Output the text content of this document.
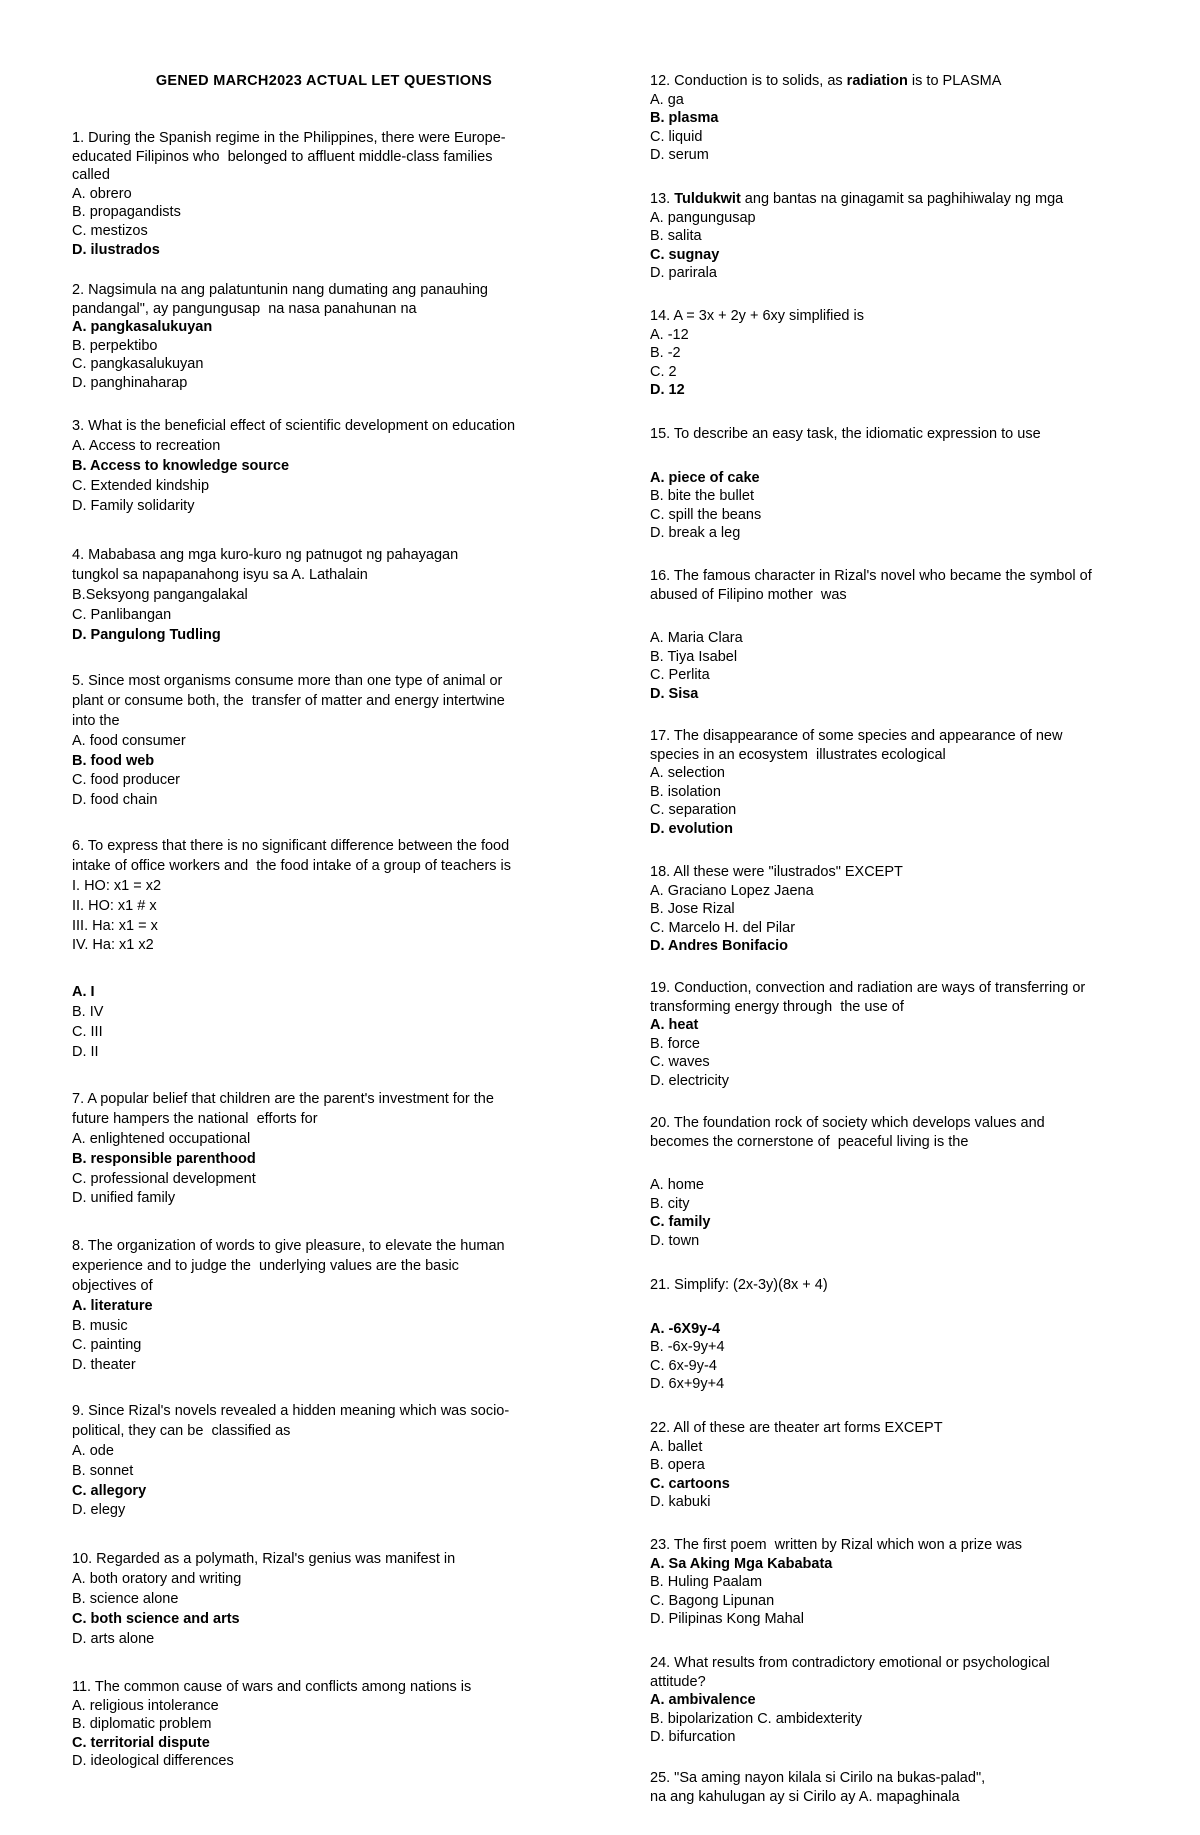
GENED MARCH2023 ACTUAL LET QUESTIONS
1. During the Spanish regime in the Philippines, there were Europe-
educated Filipinos who  belonged to affluent middle-class families
called
A. obrero
B. propagandists
C. mestizos
D. ilustrados
2. Nagsimula na ang palatuntunin nang dumating ang panauhing
pandangal", ay pangungusap  na nasa panahunan na
A. pangkasalukuyan
B. perpektibo
C. pangkasalukuyan
D. panghinaharap
3. What is the beneficial effect of scientific development on education
A. Access to recreation
B. Access to knowledge source
C. Extended kindship
D. Family solidarity
4. Mababasa ang mga kuro-kuro ng patnugot ng pahayagan
tungkol sa napapanahong isyu sa A. Lathalain
B.Seksyong pangangalakal
C. Panlibangan
D. Pangulong Tudling
5. Since most organisms consume more than one type of animal or
plant or consume both, the  transfer of matter and energy intertwine
into the
A. food consumer
B. food web
C. food producer
D. food chain
6. To express that there is no significant difference between the food
intake of office workers and  the food intake of a group of teachers is
I. HO: x1 = x2
II. HO: x1 # x
III. Ha: x1 = x
IV. Ha: x1 x2
A. I
B. IV
C. III
D. II
7. A popular belief that children are the parent's investment for the
future hampers the national  efforts for
A. enlightened occupational
B. responsible parenthood
C. professional development
D. unified family
8. The organization of words to give pleasure, to elevate the human
experience and to judge the  underlying values are the basic
objectives of
A. literature
B. music
C. painting
D. theater
9. Since Rizal's novels revealed a hidden meaning which was socio-
political, they can be  classified as
A. ode
B. sonnet
C. allegory
D. elegy
10. Regarded as a polymath, Rizal's genius was manifest in
A. both oratory and writing
B. science alone
C. both science and arts
D. arts alone
11. The common cause of wars and conflicts among nations is
A. religious intolerance
B. diplomatic problem
C. territorial dispute
D. ideological differences
12. Conduction is to solids, as radiation is to PLASMA
A. ga
B. plasma
C. liquid
D. serum
13. Tuldukwit ang bantas na ginagamit sa paghihiwalay ng mga
A. pangungusap
B. salita
C. sugnay
D. parirala
14. A = 3x + 2y + 6xy simplified is
A. -12
B. -2
C. 2
D. 12
15. To describe an easy task, the idiomatic expression to use
A. piece of cake
B. bite the bullet
C. spill the beans
D. break a leg
16. The famous character in Rizal's novel who became the symbol of
abused of Filipino mother  was
A. Maria Clara
B. Tiya Isabel
C. Perlita
D. Sisa
17. The disappearance of some species and appearance of new
species in an ecosystem  illustrates ecological
A. selection
B. isolation
C. separation
D. evolution
18. All these were "ilustrados" EXCEPT
A. Graciano Lopez Jaena
B. Jose Rizal
C. Marcelo H. del Pilar
D. Andres Bonifacio
19. Conduction, convection and radiation are ways of transferring or
transforming energy through  the use of
A. heat
B. force
C. waves
D. electricity
20. The foundation rock of society which develops values and
becomes the cornerstone of  peaceful living is the
A. home
B. city
C. family
D. town
21. Simplify: (2x-3y)(8x + 4)
A. -6X9y-4
B. -6x-9y+4
C. 6x-9y-4
D. 6x+9y+4
22. All of these are theater art forms EXCEPT
A. ballet
B. opera
C. cartoons
D. kabuki
23. The first poem  written by Rizal which won a prize was
A. Sa Aking Mga Kababata
B. Huling Paalam
C. Bagong Lipunan
D. Pilipinas Kong Mahal
24. What results from contradictory emotional or psychological
attitude?
A. ambivalence
B. bipolarization C. ambidexterity
D. bifurcation
25. "Sa aming nayon kilala si Cirilo na bukas-palad",
na ang kahulugan ay si Cirilo ay A. mapaghinala
